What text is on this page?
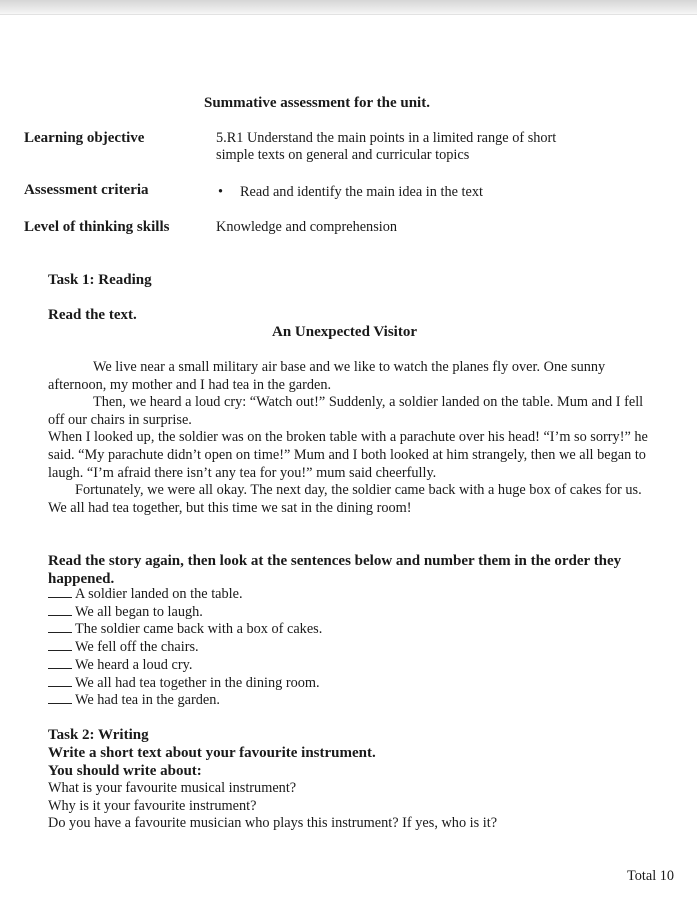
Summative assessment for the unit.
Learning objective	5.R1 Understand the main points in a limited range of short
simple texts on general and curricular topics
Assessment criteria	• Read and identify the main idea in the text
Level of thinking skills	Knowledge and comprehension
Task 1: Reading
Read the text.
An Unexpected Visitor

We live near a small military air base and we like to watch the planes fly over. One sunny afternoon, my mother and I had tea in the garden.

Then, we heard a loud cry: “Watch out!” Suddenly, a soldier landed on the table. Mum and I fell off our chairs in surprise.

When I looked up, the soldier was on the broken table with a parachute over his head! “I’m so sorry!” he said. “My parachute didn’t open on time!” Mum and I both looked at him strangely, then we all began to laugh. “I’m afraid there isn’t any tea for you!” mum said cheerfully.

Fortunately, we were all okay. The next day, the soldier came back with a huge box of cakes for us. We all had tea together, but this time we sat in the dining room!

Read the story again, then look at the sentences below and number them in the order they
happened.
A soldier landed on the table.
We all began to laugh.
The soldier came back with a box of cakes.
We fell off the chairs.
We heard a loud cry.
We all had tea together in the dining room.
We had tea in the garden.
Task 2: Writing
Write a short text about your favourite instrument.
You should write about:
What is your favourite musical instrument?
Why is it your favourite instrument?
Do you have a favourite musician who plays this instrument? If yes, who is it?
Total 10
